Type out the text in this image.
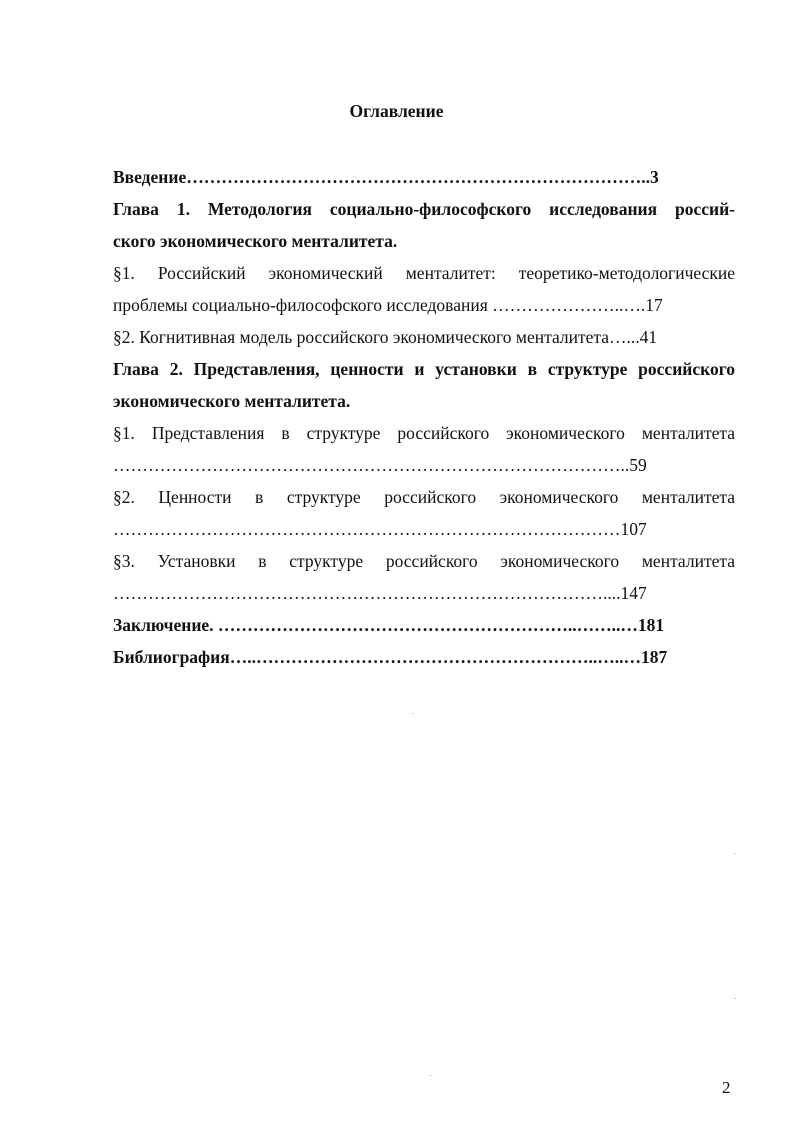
Оглавление
Введение……………………………………………………………………..3
Глава 1. Методология социально-философского исследования россий-
ского экономического менталитета.
§1. Российский экономический менталитет: теоретико-методологические
проблемы социально-философского исследования …………………..….17
§2. Когнитивная модель российского экономического менталитета…...41
Глава 2. Представления, ценности и установки в структуре российского
экономического менталитета.
§1. Представления в структуре российского экономического менталитета
……………………………………………………………………………..59
§2. Ценности в структуре российского экономического менталитета
……………………………………………………………………………107
§3. Установки в структуре российского экономического менталитета
…………………………………………………………………………....147
Заключение. ……………………………………………………..……..…181
Библиография…..…………………………………………………..…..…187
2
